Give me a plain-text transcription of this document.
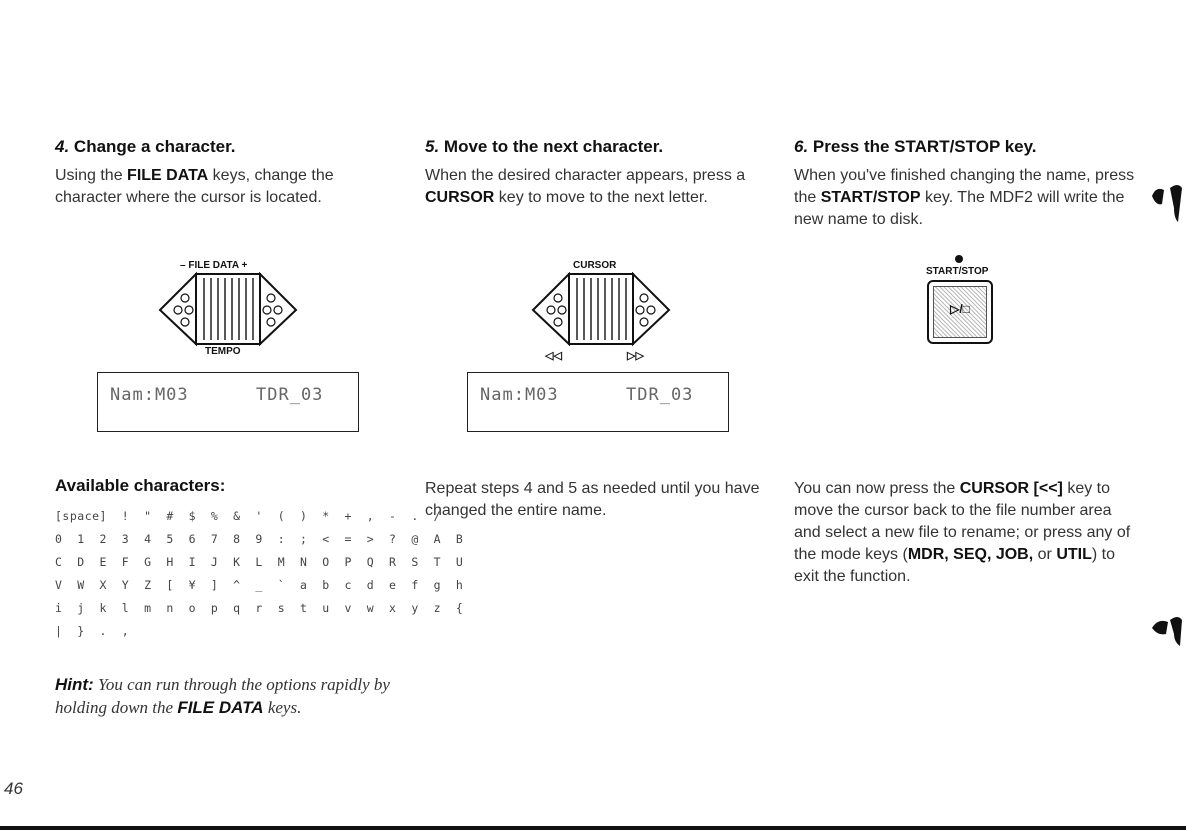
4. Change a character.	5. Move to the next character.	6. Press the START/STOP key.
Using the FILE DATA keys, change the character where the cursor is located.
When the desired character appears, press a CURSOR key to move to the next letter.
When you've finished changing the name, press the START/STOP key. The MDF2 will write the new name to disk.
– FILE DATA +
TEMPO
Nam:M03	TDR_03
CURSOR
◁◁	▷▷
Nam:M03	TDR_03
START/STOP
▷/□
Available characters:
[space]  !  "  #  $  %  &  '  (  )  *  +  ,  -  .  /
0  1  2  3  4  5  6  7  8  9  :  ;  <  =  >  ?  @  A  B
C  D  E  F  G  H  I  J  K  L  M  N  O  P  Q  R  S  T  U
V  W  X  Y  Z  [  ¥  ]  ^  _  `  a  b  c  d  e  f  g  h
i  j  k  l  m  n  o  p  q  r  s  t  u  v  w  x  y  z  {
|  }  .  ,
Hint: You can run through the options rapidly by holding down the FILE DATA keys.
Repeat steps 4 and 5 as needed until you have changed the entire name.
You can now press the CURSOR [<<] key to move the cursor back to the file number area and select a new file to rename; or press any of the mode keys (MDR, SEQ, JOB, or UTIL) to exit the function.
46
